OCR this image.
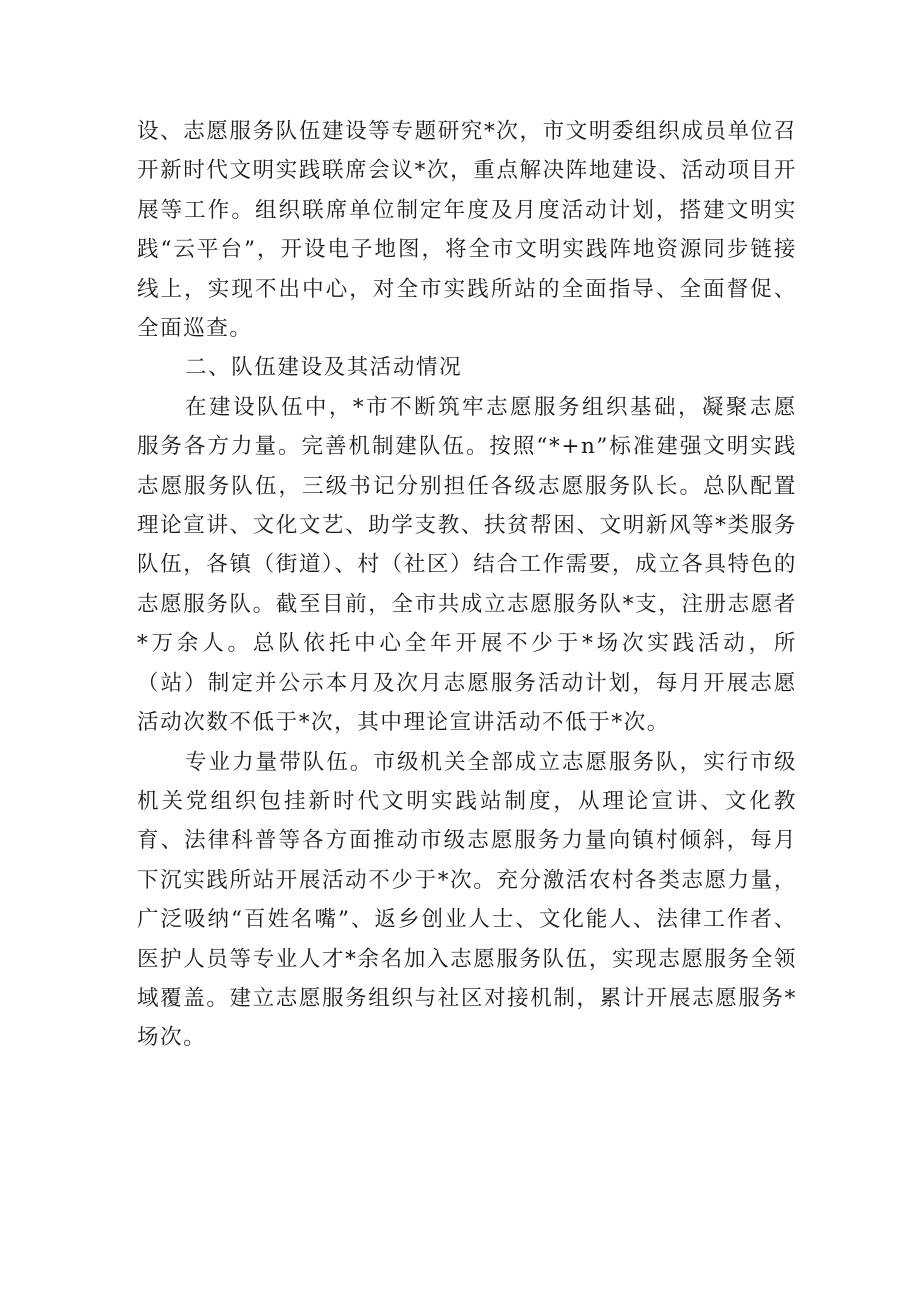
设、志愿服务队伍建设等专题研究*次，市文明委组织成员单位召开新时代文明实践联席会议*次，重点解决阵地建设、活动项目开展等工作。组织联席单位制定年度及月度活动计划，搭建文明实践“云平台”，开设电子地图，将全市文明实践阵地资源同步链接线上，实现不出中心，对全市实践所站的全面指导、全面督促、全面巡查。

二、队伍建设及其活动情况

在建设队伍中，*市不断筑牢志愿服务组织基础，凝聚志愿服务各方力量。完善机制建队伍。按照“*+n”标准建强文明实践志愿服务队伍，三级书记分别担任各级志愿服务队长。总队配置理论宣讲、文化文艺、助学支教、扶贫帮困、文明新风等*类服务队伍，各镇（街道）、村（社区）结合工作需要，成立各具特色的志愿服务队。截至目前，全市共成立志愿服务队*支，注册志愿者*万余人。总队依托中心全年开展不少于*场次实践活动，所（站）制定并公示本月及次月志愿服务活动计划，每月开展志愿活动次数不低于*次，其中理论宣讲活动不低于*次。

专业力量带队伍。市级机关全部成立志愿服务队，实行市级机关党组织包挂新时代文明实践站制度，从理论宣讲、文化教育、法律科普等各方面推动市级志愿服务力量向镇村倾斜，每月下沉实践所站开展活动不少于*次。充分激活农村各类志愿力量，广泛吸纳“百姓名嘴”、返乡创业人士、文化能人、法律工作者、医护人员等专业人才*余名加入志愿服务队伍，实现志愿服务全领域覆盖。建立志愿服务组织与社区对接机制，累计开展志愿服务*场次。
